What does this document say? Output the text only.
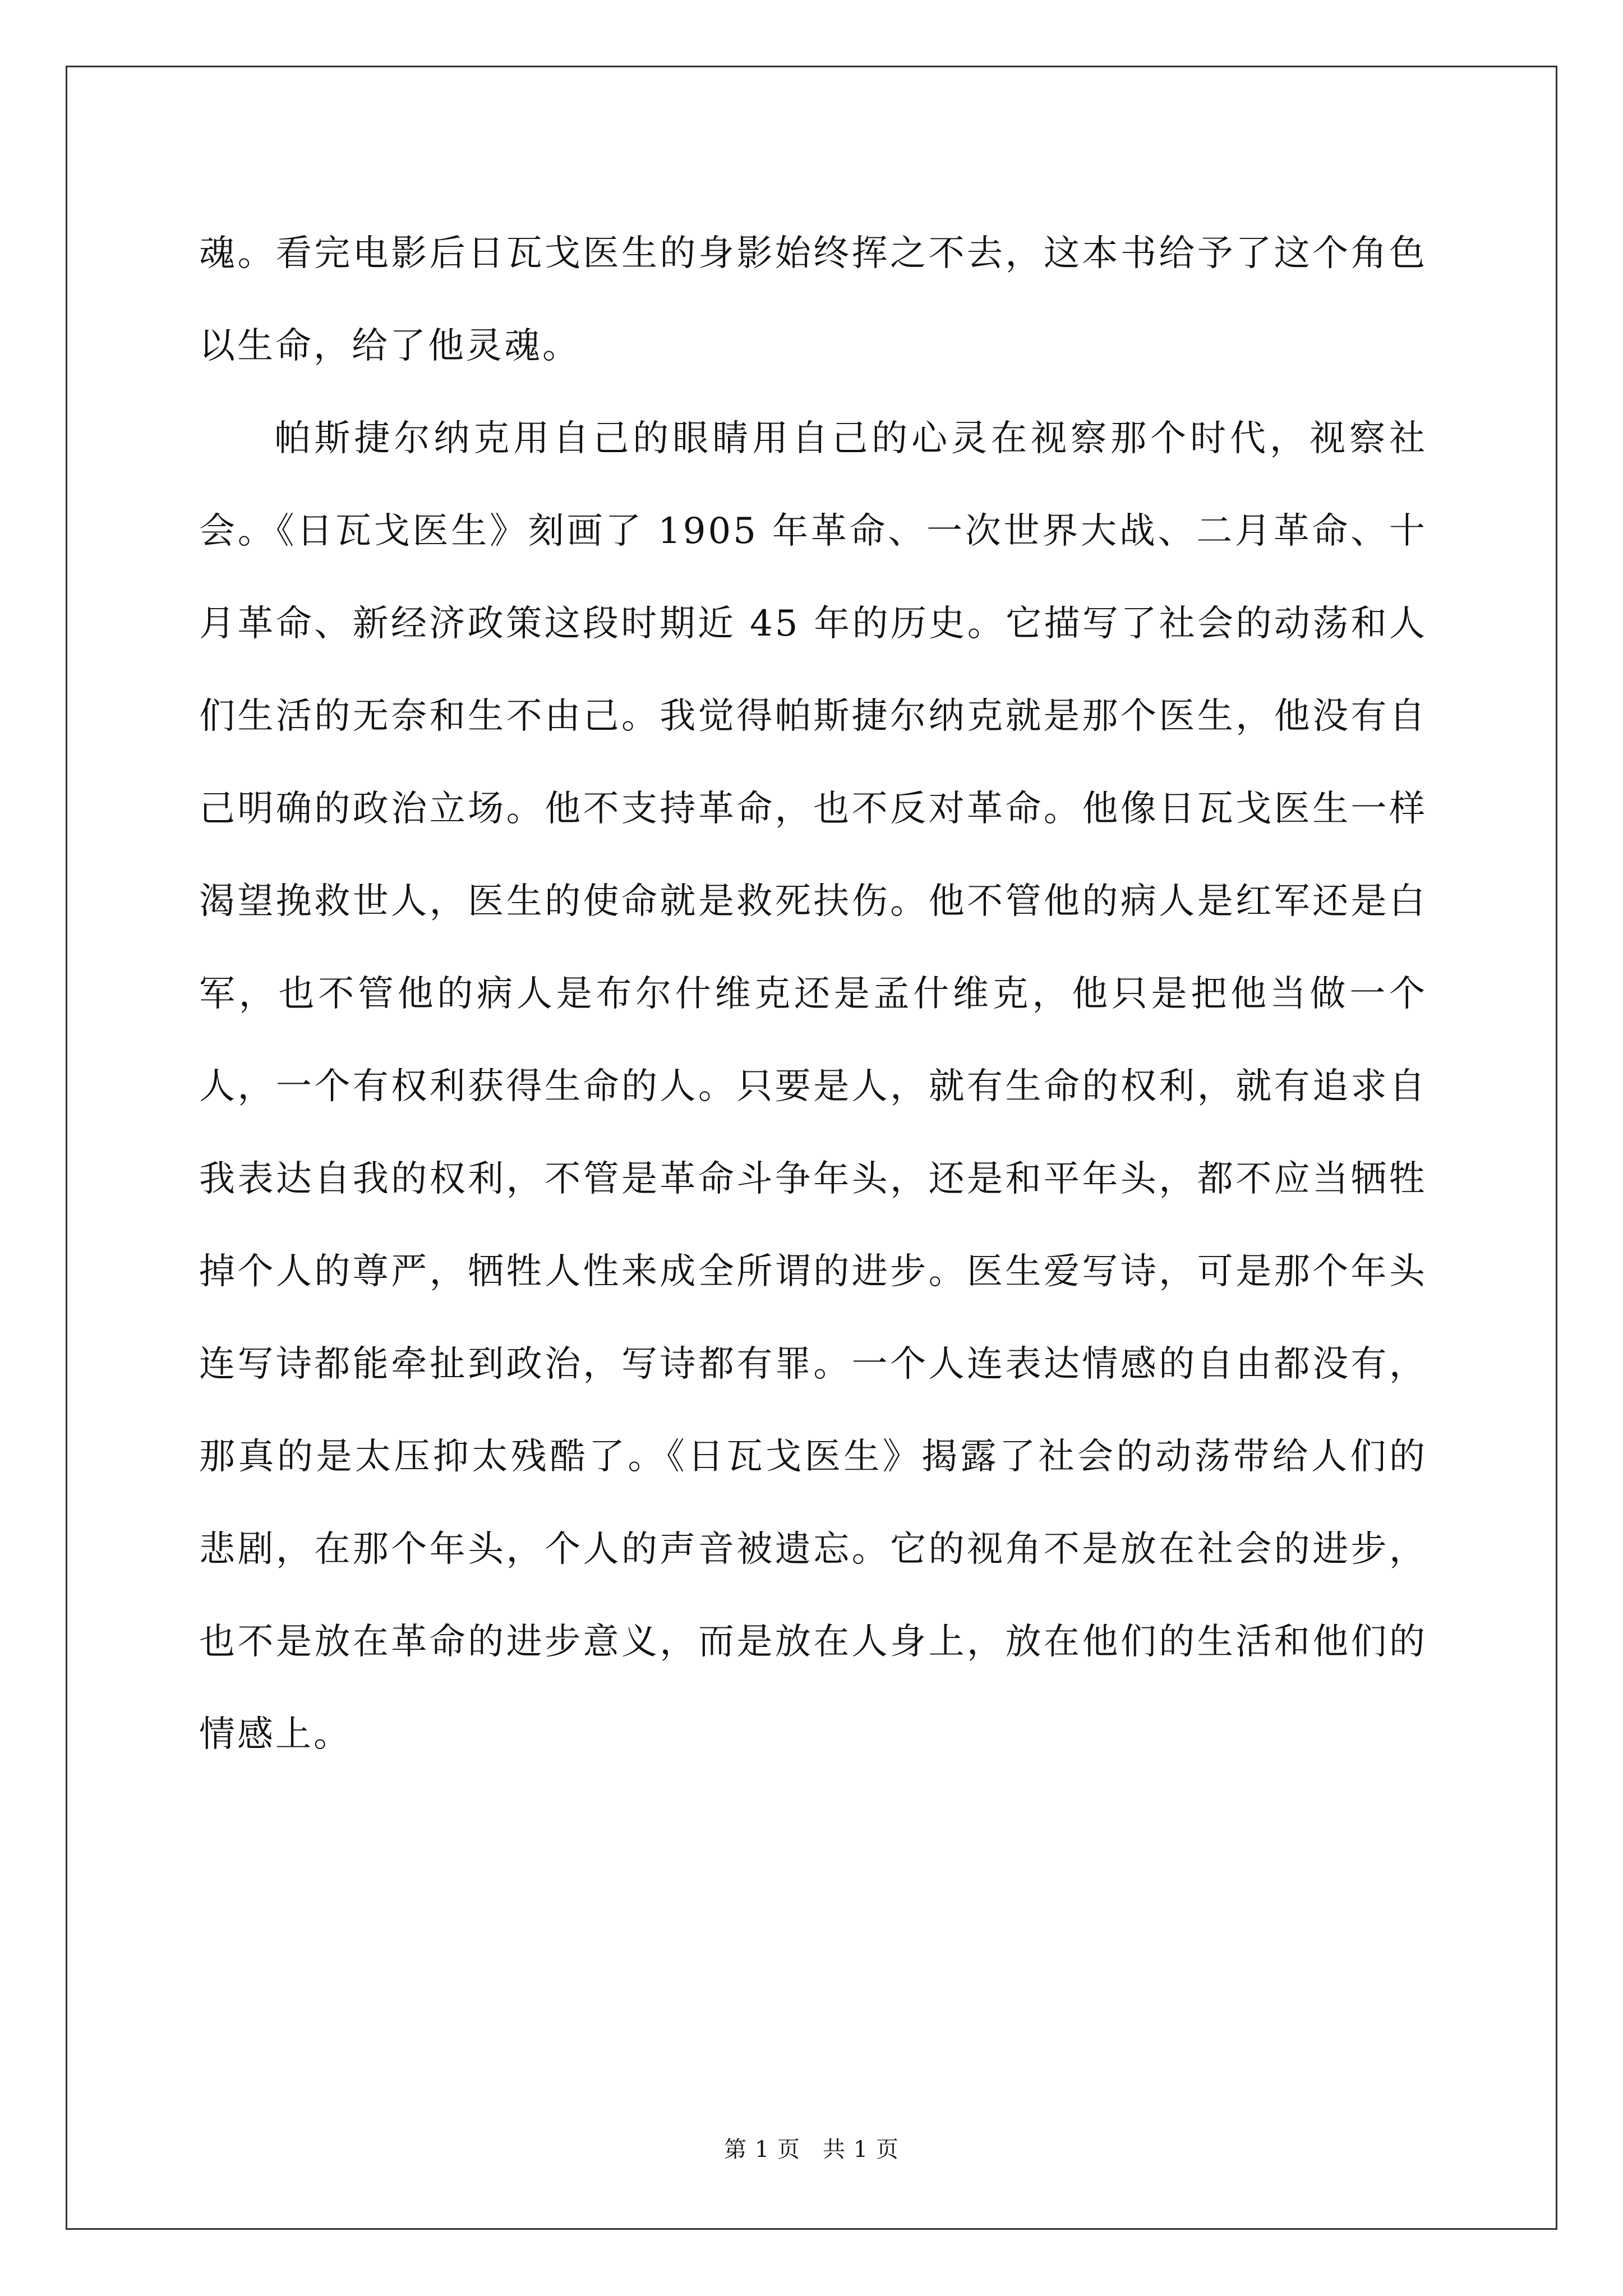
魂。看完电影后日瓦戈医生的身影始终挥之不去，这本书给予了这个角色以生命，给了他灵魂。

帕斯捷尔纳克用自己的眼睛用自己的心灵在视察那个时代，视察社会。《日瓦戈医生》刻画了 1905 年革命、一次世界大战、二月革命、十月革命、新经济政策这段时期近 45 年的历史。它描写了社会的动荡和人们生活的无奈和生不由己。我觉得帕斯捷尔纳克就是那个医生，他没有自己明确的政治立场。他不支持革命，也不反对革命。他像日瓦戈医生一样渴望挽救世人，医生的使命就是救死扶伤。他不管他的病人是红军还是白军，也不管他的病人是布尔什维克还是孟什维克，他只是把他当做一个人，一个有权利获得生命的人。只要是人，就有生命的权利，就有追求自我表达自我的权利，不管是革命斗争年头，还是和平年头，都不应当牺牲掉个人的尊严，牺牲人性来成全所谓的进步。医生爱写诗，可是那个年头连写诗都能牵扯到政治，写诗都有罪。一个人连表达情感的自由都没有，那真的是太压抑太残酷了。《日瓦戈医生》揭露了社会的动荡带给人们的悲剧，在那个年头，个人的声音被遗忘。它的视角不是放在社会的进步，也不是放在革命的进步意义，而是放在人身上，放在他们的生活和他们的情感上。

第 1 页 共 1 页
